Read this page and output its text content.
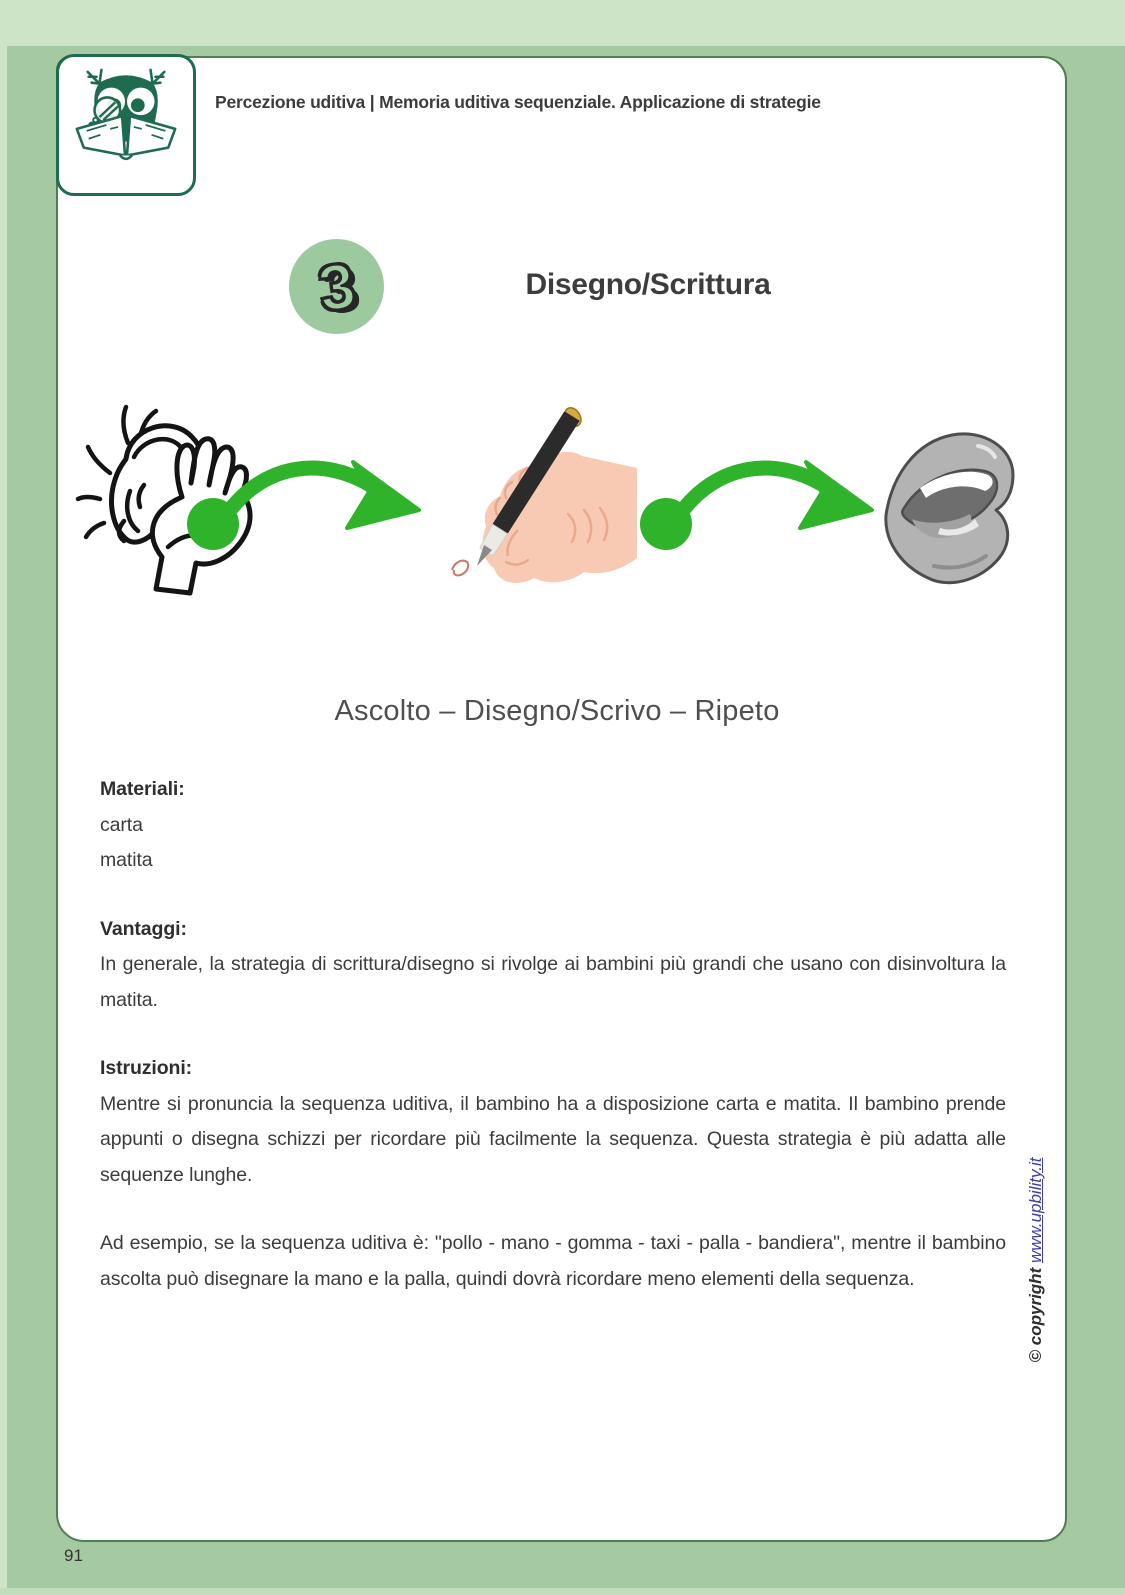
Percezione uditiva | Memoria uditiva sequenziale. Applicazione di strategie
3	Disegno/Scrittura
Ascolto – Disegno/Scrivo – Ripeto
Materiali:
carta
matita
Vantaggi:

In generale, la strategia di scrittura/disegno si rivolge ai bambini più grandi che usano con disinvoltura la matita.

Istruzioni:

Mentre si pronuncia la sequenza uditiva, il bambino ha a disposizione carta e matita. Il bambino prende appunti o disegna schizzi per ricordare più facilmente la sequenza. Questa strategia è più adatta alle sequenze lunghe.

Ad esempio, se la sequenza uditiva è: "pollo - mano - gomma - taxi - palla - bandiera", mentre il bambino ascolta può disegnare la mano e la palla, quindi dovrà ricordare meno elementi della sequenza.	© copyright www.upbility.it
91
